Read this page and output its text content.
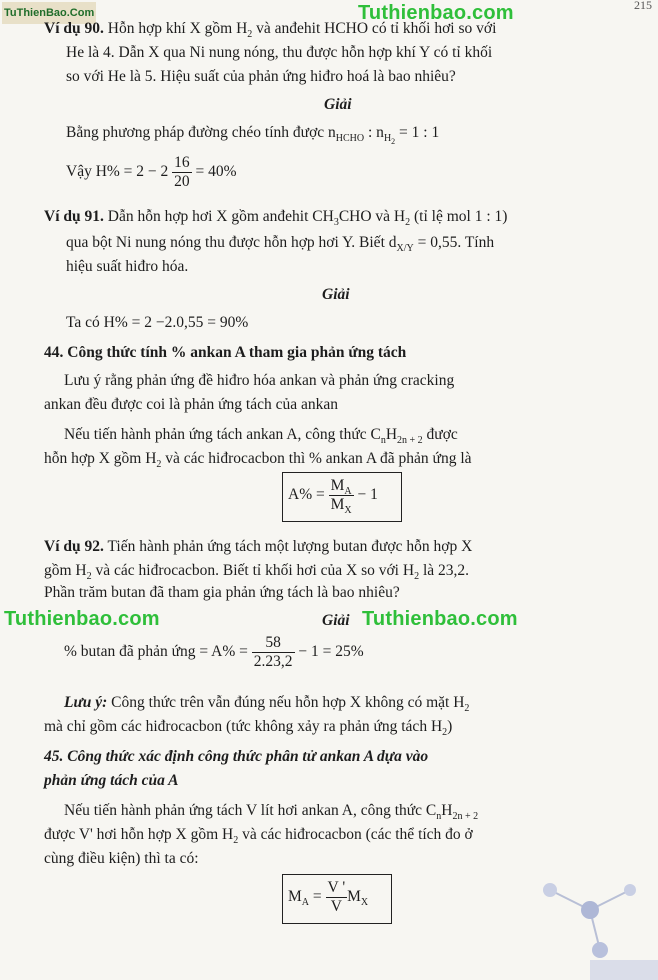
215
TuThienBao.Com	Tuthienbao.com
Tuthienbao.com	Tuthienbao.com
Ví dụ 90. Hỗn hợp khí X gồm $H_2$ và anđehit HCHO có tỉ khối hơi so với
He là 4. Dẫn X qua Ni nung nóng, thu được hỗn hợp khí Y có tỉ khối
so với He là 5. Hiệu suất của phản ứng hiđro hoá là bao nhiêu?
Giải
Bằng phương pháp đường chéo tính được $n_{HCHO}$ : $n_{H_2} = 1$ : 1
Vậy $H\% = 2 - 2 \frac{16}{20} = 40\%$
Ví dụ 91. Dẫn hỗn hợp hơi X gồm anđehit $CH_3CHO$ và $H_2$ (tỉ lệ mol 1 : 1)
qua bột Ni nung nóng thu được hỗn hợp hơi Y. Biết $d_{X/Y} = 0,55$. Tính
hiệu suất hiđro hóa.
Giải
Ta có H% = 2 −2.0,55 = 90%
44. Công thức tính % ankan A tham gia phản ứng tách
Lưu ý rằng phản ứng đề hiđro hóa ankan và phản ứng cracking
ankan đều được coi là phản ứng tách của ankan
Nếu tiến hành phản ứng tách ankan A, công thức $C_nH_{2n + 2}$ được
hỗn hợp X gồm $H_2$ và các hiđrocacbon thì % ankan A đã phản ứng là
$A\% = \frac{M_A}{M_X} - 1$
Ví dụ 92. Tiến hành phản ứng tách một lượng butan được hỗn hợp X
gồm $H_2$ và các hiđrocacbon. Biết tỉ khối hơi của X so với $H_2$ là 23,2.
Phần trăm butan đã tham gia phản ứng tách là bao nhiêu?
Giải
% butan đã phản ứng = $A\% = \frac{58}{2.23,2} - 1 = 25\%$
Lưu ý: Công thức trên vẫn đúng nếu hỗn hợp X không có mặt $H_2$
mà chỉ gồm các hiđrocacbon (tức không xảy ra phản ứng tách $H_2$)
45. Công thức xác định công thức phân tử ankan A dựa vào
phản ứng tách của A
Nếu tiến hành phản ứng tách V lít hơi ankan A, công thức $C_nH_{2n + 2}$
được V' hơi hỗn hợp X gồm $H_2$ và các hiđrocacbon (các thể tích đo ở
cùng điều kiện) thì ta có:
$M_A = \frac{V '}{V} M_X$
